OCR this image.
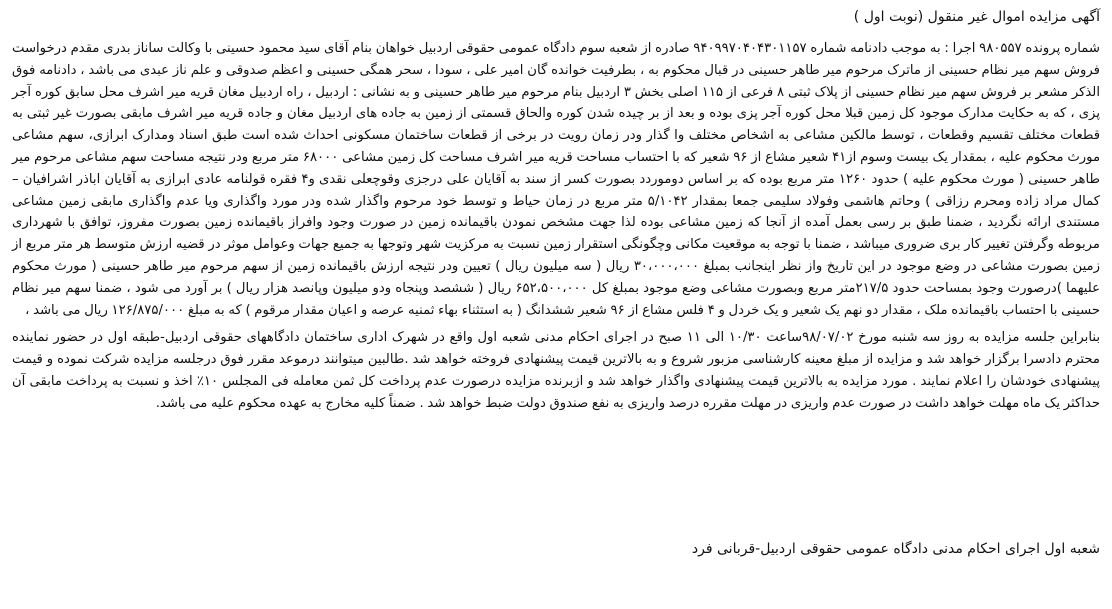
آگهی مزایده اموال غیر منقول (نوبت اول )

شماره پرونده ۹۸۰۵۵۷ اجرا : به موجب دادنامه شماره ۹۴۰۹۹۷۰۴۰۴۳۰۱۱۵۷ صادره از شعبه سوم دادگاه عمومی حقوقی اردبیل خواهان بنام آقای سید محمود حسینی با وکالت ساناز بدری مقدم درخواست فروش سهم میر نظام حسینی از ماترک مرحوم میر طاهر حسینی در قبال محکوم به ، بطرفیت خوانده گان امیر علی ، سودا ، سحر همگی حسینی و اعظم صدوقی و علم ناز عبدی می باشد ، دادنامه فوق الذکر مشعر بر فروش سهم میر نظام حسینی از پلاک ثبتی ۸ فرعی از ۱۱۵ اصلی بخش ۳ اردبیل بنام مرحوم میر طاهر حسینی و به نشانی : اردبیل ، راه اردبیل مغان قریه میر اشرف محل سابق کوره آجر پزی ، که به حکایت مدارک موجود کل زمین قبلا محل کوره آجر پزی بوده و بعد از بر چیده شدن کوره والحاق قسمتی از زمین به جاده های اردبیل مغان و جاده قریه میر اشرف مابقی بصورت غیر ثبتی به قطعات مختلف تقسیم وقطعات ، توسط مالکین مشاعی به اشخاص مختلف وا گذار ودر زمان رویت در برخی از قطعات ساختمان مسکونی احداث شده است طبق اسناد ومدارک ابرازی، سهم مشاعی مورث محکوم علیه ، بمقدار یک بیست وسوم از۴۱ شعیر مشاع از ۹۶ شعیر که با احتساب مساحت قریه میر اشرف مساحت کل زمین مشاعی ۶۸۰۰۰ متر مربع ودر نتیجه مساحت سهم مشاعی مرحوم میر طاهر حسینی ( مورث محکوم علیه ) حدود ۱۲۶۰ متر مربع بوده که بر اساس دوموردد بصورت کسر از سند به آقایان علی درجزی وقوچعلی نقدی و۴ فقره قولنامه عادی ابرازی به آقایان اباذر اشرافیان –کمال مراد زاده ومحرم رزاقی ) وحاتم هاشمی وفولاد سلیمی جمعا بمقدار ۵/۱۰۴۲ متر مربع در زمان حیاط و توسط خود مرحوم واگذار شده ودر مورد واگذاری ویا عدم واگذاری مابقی زمین مشاعی مستندی ارائه نگردید ، ضمنا طبق بر رسی بعمل آمده از آنجا که زمین مشاعی بوده لذا جهت مشخص نمودن باقیمانده زمین در صورت وجود وافراز باقیمانده زمین بصورت مفروز، توافق با شهرداری مربوطه وگرفتن تغییر کار بری ضروری میباشد ، ضمنا با توجه به موقعیت مکانی وچگونگی استقرار زمین نسبت به مرکزیت شهر وتوجها به جمیع جهات وعوامل موثر در قضیه ارزش متوسط هر متر مربع از زمین بصورت مشاعی در وضع موجود در این تاریخ واز نظر اینجانب بمبلغ ۳۰،۰۰۰،۰۰۰ ریال ( سه میلیون ریال ) تعیین ودر نتیجه ارزش باقیمانده زمین از سهم مرحوم میر طاهر حسینی ( مورث محکوم علیهما )درصورت وجود بمساحت حدود ۲۱۷/۵متر مربع وبصورت مشاعی وضع موجود بمبلغ کل ۶۵۲،۵۰۰،۰۰۰ ریال ( ششصد وپنجاه ودو میلیون وپانصد هزار ریال ) بر آورد می شود ، ضمنا سهم میر نظام حسینی با احتساب باقیمانده ملک ، مقدار دو نهم یک شعیر و یک خردل و ۴ فلس مشاع از ۹۶ شعیر ششدانگ ( به استثناء بهاء ثمنیه عرصه و اعیان مقدار مرقوم ) که به مبلغ ۱۲۶/۸۷۵/۰۰۰ ریال می باشد ،

بنابراین جلسه مزایده به روز سه شنبه مورخ ۹۸/۰۷/۰۲ساعت ۱۰/۳۰ الی ۱۱ صبح در اجرای احکام مدنی شعبه اول واقع در شهرک اداری ساختمان دادگاههای حقوقی اردبیل-طبقه اول در حضور نماینده محترم دادسرا برگزار خواهد شد و مزایده از مبلغ معینه کارشناسی مزبور شروع و به بالاترین قیمت پیشنهادی فروخته خواهد شد .طالبین میتوانند درموعد مقرر فوق درجلسه مزایده شرکت نموده و قیمت پیشنهادی خودشان را اعلام نمایند . مورد مزایده به بالاترین قیمت پیشنهادی واگذار خواهد شد و ازبرنده مزایده درصورت عدم پرداخت کل ثمن معامله فی المجلس ۱۰٪ اخذ و نسبت به پرداخت مابقی آن حداکثر یک ماه مهلت خواهد داشت در صورت عدم واریزی در مهلت مقرره درصد واریزی به نفع صندوق دولت ضبط خواهد شد . ضمناً کلیه مخارج به عهده محکوم علیه می باشد.

شعبه اول اجرای احکام مدنی دادگاه عمومی حقوقی اردبیل-قربانی فرد
